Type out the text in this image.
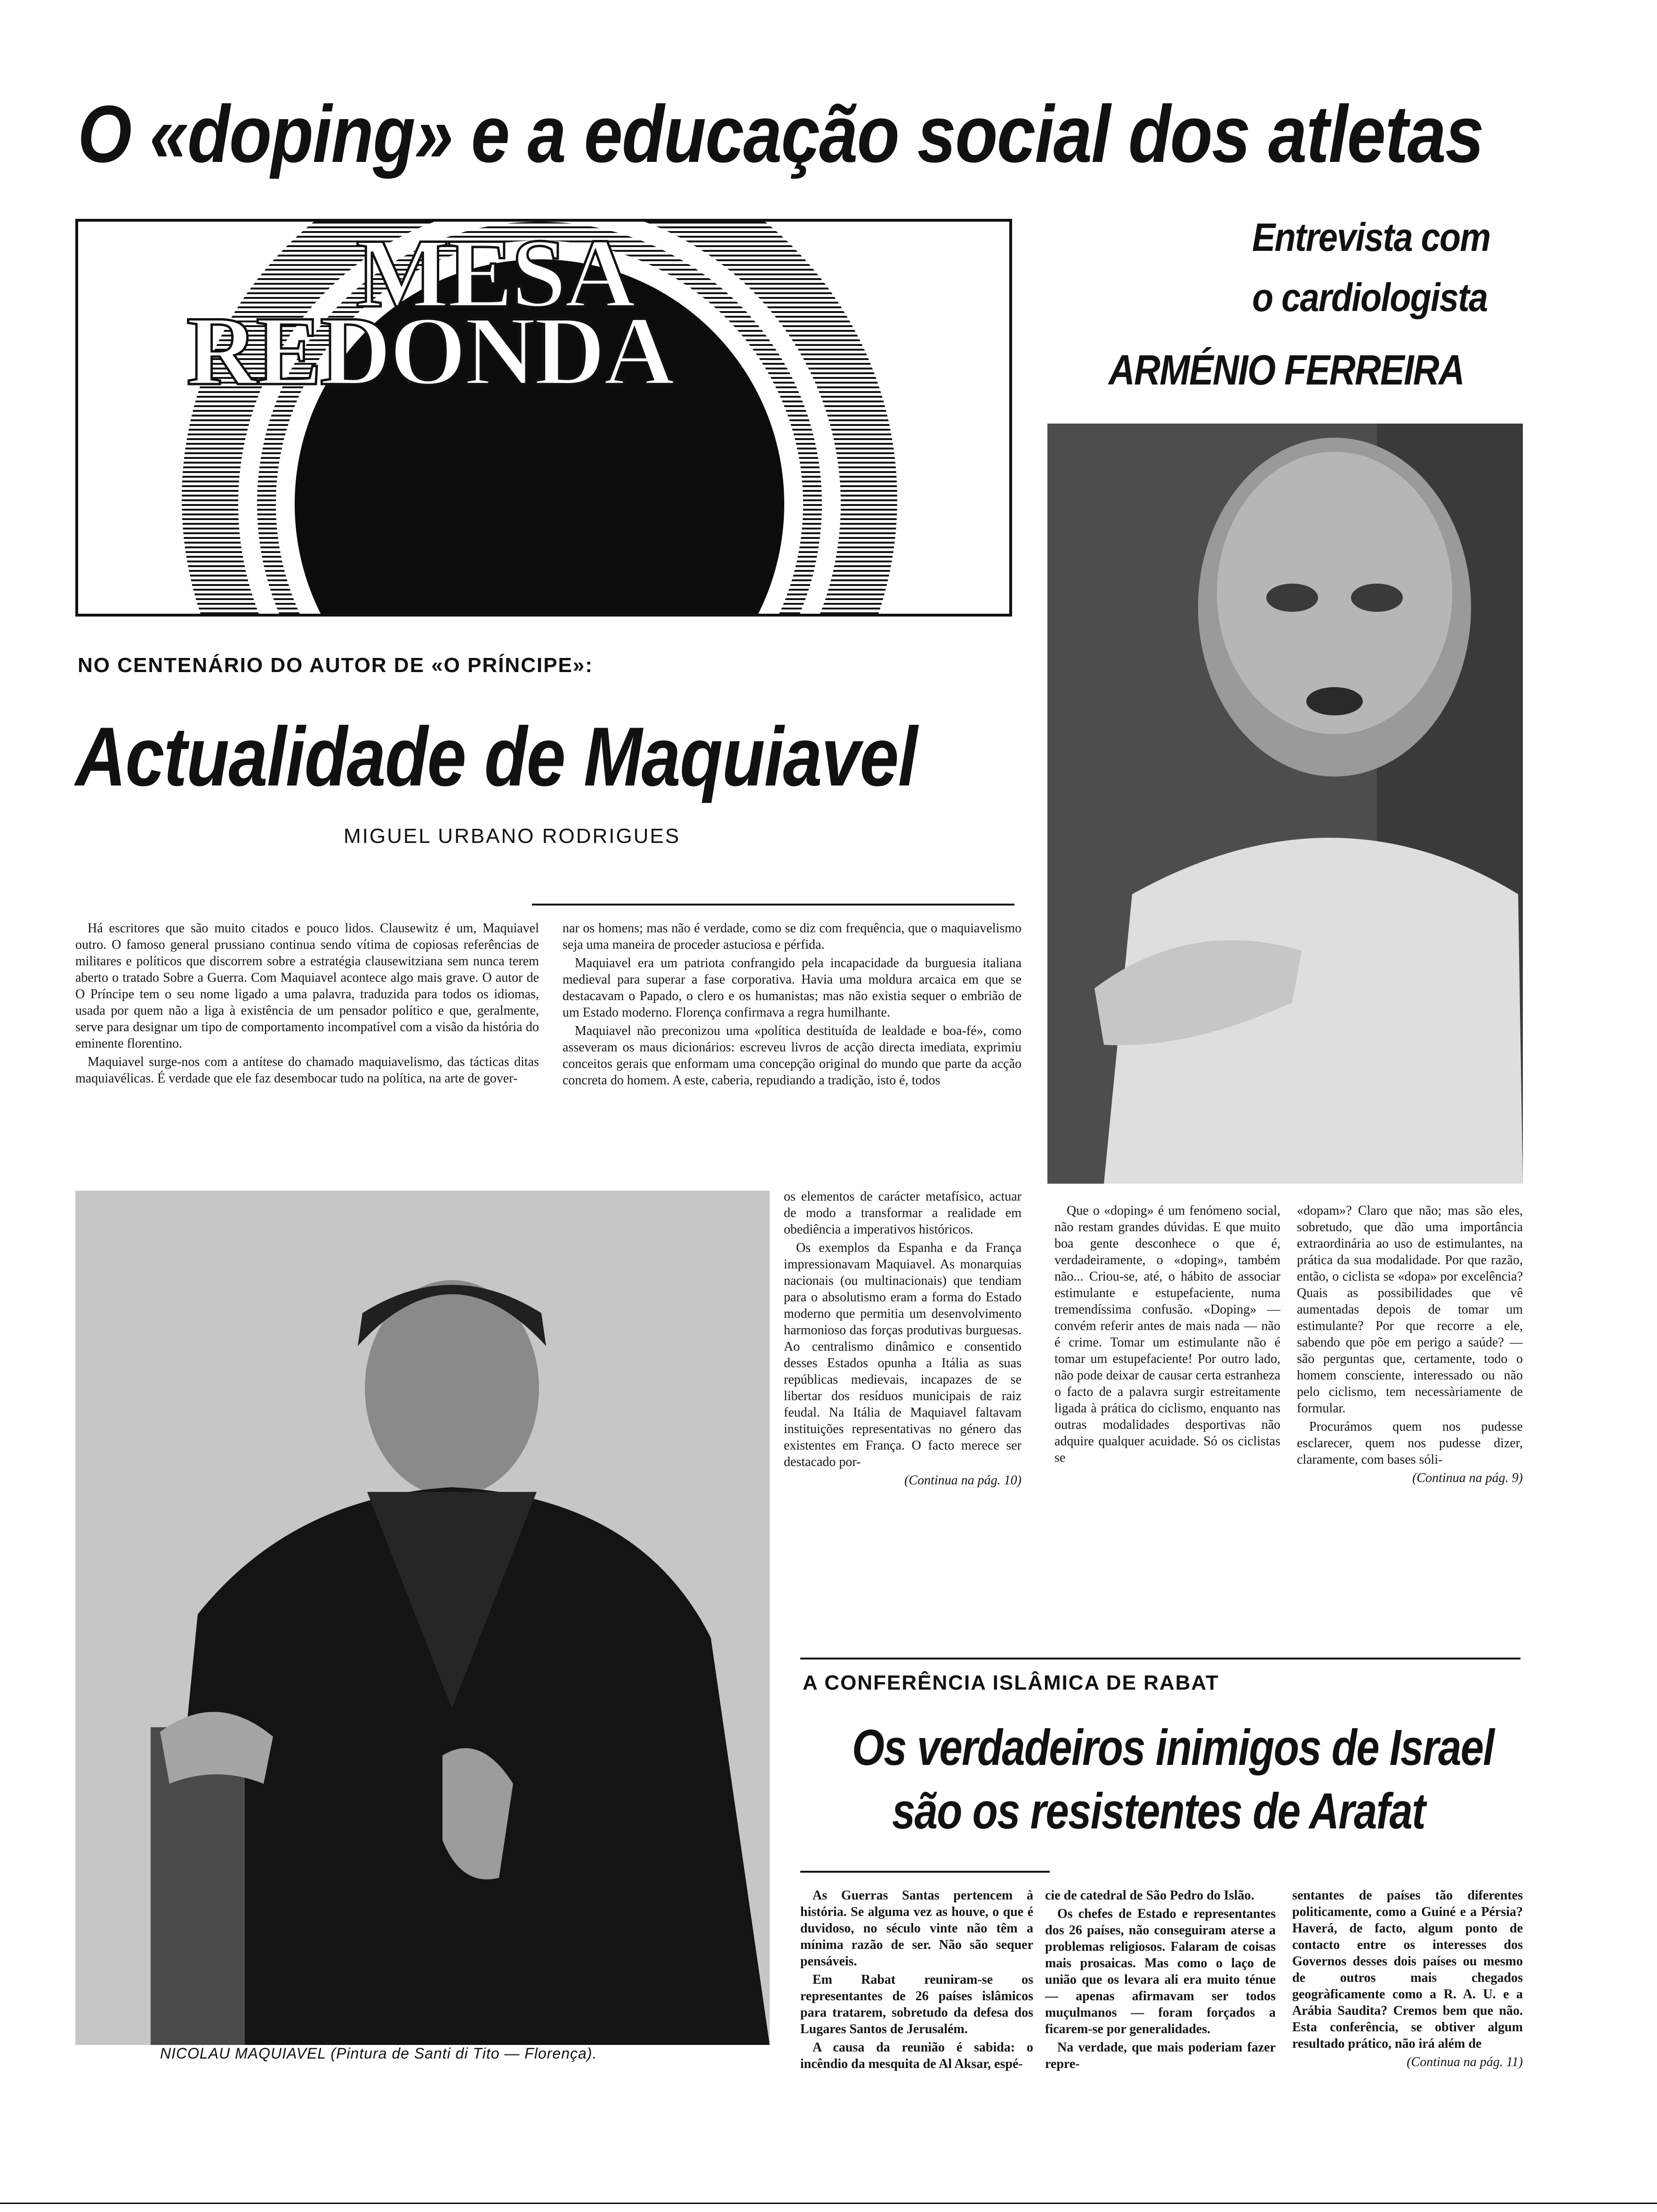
O «doping» e a educação social dos atletas
MESA
REDONDA
Entrevista com
o cardiologista
ARMÉNIO FERREIRA
NO CENTENÁRIO DO AUTOR DE «O PRÍNCIPE»:
Actualidade de Maquiavel
MIGUEL URBANO RODRIGUES

Há escritores que são muito citados e pouco lidos. Clausewitz é um, Maquiavel outro. O famoso general prussiano continua sendo vítima de copiosas referências de militares e políticos que discorrem sobre a estratégia clausewitziana sem nunca terem aberto o tratado Sobre a Guerra. Com Maquiavel acontece algo mais grave. O autor de O Príncipe tem o seu nome ligado a uma palavra, traduzida para todos os idiomas, usada por quem não a liga à existência de um pensador político e que, geralmente, serve para designar um tipo de comportamento incompatível com a visão da história do eminente florentino.

Maquiavel surge-nos com a antítese do chamado maquiavelismo, das tácticas ditas maquiavélicas. É verdade que ele faz desembocar tudo na política, na arte de gover-

nar os homens; mas não é verdade, como se diz com frequência, que o maquiavelismo seja uma maneira de proceder astuciosa e pérfida.

Maquiavel era um patriota confrangido pela incapacidade da burguesia italiana medieval para superar a fase corporativa. Havia uma moldura arcaica em que se destacavam o Papado, o clero e os humanistas; mas não existia sequer o embrião de um Estado moderno. Florença confirmava a regra humilhante.

Maquiavel não preconizou uma «política destituída de lealdade e boa-fé», como asseveram os maus dicionários: escreveu livros de acção directa imediata, exprimiu conceitos gerais que enformam uma concepção original do mundo que parte da acção concreta do homem. A este, caberia, repudiando a tradição, isto é, todos

os elementos de carácter metafísico, actuar de modo a transformar a realidade em obediência a imperativos históricos.

Os exemplos da Espanha e da França impressionavam Maquiavel. As monarquias nacionais (ou multinacionais) que tendiam para o absolutismo eram a forma do Estado moderno que permitia um desenvolvimento harmonioso das forças produtivas burguesas. Ao centralismo dinâmico e consentido desses Estados opunha a Itália as suas repúblicas medievais, incapazes de se libertar dos resíduos municipais de raiz feudal. Na Itália de Maquiavel faltavam instituições representativas no género das existentes em França. O facto merece ser destacado por-

(Continua na pág. 10)

NICOLAU MAQUIAVEL (Pintura de Santi di Tito — Florença).

Que o «doping» é um fenómeno social, não restam grandes dúvidas. E que muito boa gente desconhece o que é, verdadeiramente, o «doping», também não... Criou-se, até, o hábito de associar estimulante e estupefaciente, numa tremendíssima confusão. «Doping» — convém referir antes de mais nada — não é crime. Tomar um estimulante não é tomar um estupefaciente! Por outro lado, não pode deixar de causar certa estranheza o facto de a palavra surgir estreitamente ligada à prática do ciclismo, enquanto nas outras modalidades desportivas não adquire qualquer acuidade. Só os ciclistas se

«dopam»? Claro que não; mas são eles, sobretudo, que dão uma importância extraordinária ao uso de estimulantes, na prática da sua modalidade. Por que razão, então, o ciclista se «dopa» por excelência? Quais as possibilidades que vê aumentadas depois de tomar um estimulante? Por que recorre a ele, sabendo que põe em perigo a saúde? — são perguntas que, certamente, todo o homem consciente, interessado ou não pelo ciclismo, tem necessàriamente de formular.

Procurámos quem nos pudesse esclarecer, quem nos pudesse dizer, claramente, com bases sóli-

(Continua na pág. 9)

A CONFERÊNCIA ISLÂMICA DE RABAT
Os verdadeiros inimigos de Israel
são os resistentes de Arafat

As Guerras Santas pertencem à história. Se alguma vez as houve, o que é duvidoso, no século vinte não têm a mínima razão de ser. Não são sequer pensáveis.

Em Rabat reuniram-se os representantes de 26 países islâmicos para tratarem, sobretudo da defesa dos Lugares Santos de Jerusalém.

A causa da reunião é sabida: o incêndio da mesquita de Al Aksar, espé-

cie de catedral de São Pedro do Islão.

Os chefes de Estado e representantes dos 26 países, não conseguiram aterse a problemas religiosos. Falaram de coisas mais prosaicas. Mas como o laço de união que os levara ali era muito ténue — apenas afirmavam ser todos muçulmanos — foram forçados a ficarem-se por generalidades.

Na verdade, que mais poderiam fazer repre-

sentantes de países tão diferentes politicamente, como a Guiné e a Pérsia? Haverá, de facto, algum ponto de contacto entre os interesses dos Governos desses dois países ou mesmo de outros mais chegados geogràficamente como a R. A. U. e a Arábia Saudita? Cremos bem que não. Esta conferência, se obtiver algum resultado prático, não irá além de

(Continua na pág. 11)
